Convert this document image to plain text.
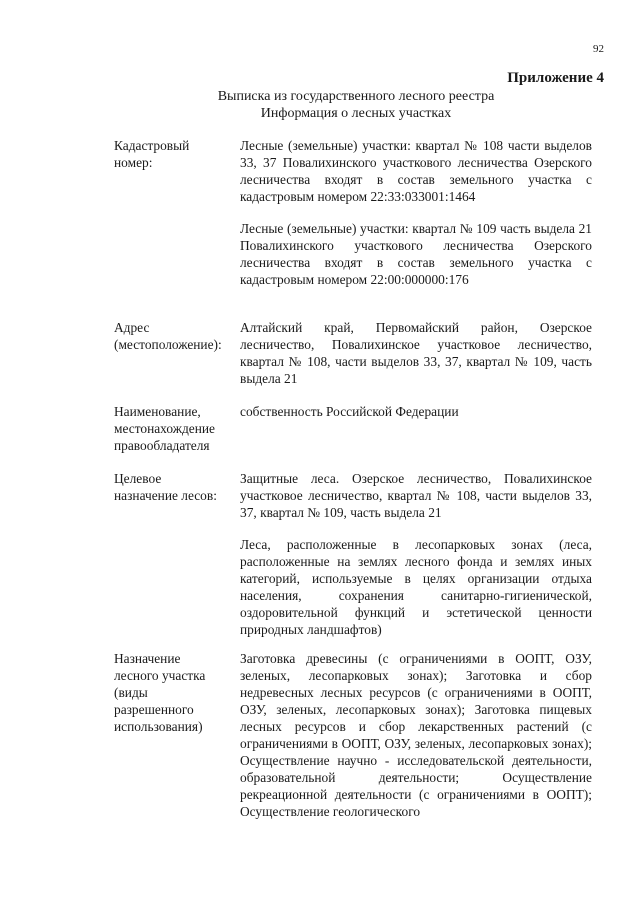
92
Приложение 4
Выписка из государственного лесного реестра
Информация о лесных участках
Кадастровый
номер:

Лесные (земельные) участки: квартал № 108 части выделов 33, 37 Повалихинского участкового лесничества Озерского лесничества входят в состав земельного участка с кадастровым номером 22:33:033001:1464

Лесные (земельные) участки: квартал № 109 часть выдела 21 Повалихинского участкового лесничества Озерского лесничества входят в состав земельного участка с кадастровым номером 22:00:000000:176

Адрес
(местоположение):

Алтайский край, Первомайский район, Озерское лесничество, Повалихинское участковое лесничество, квартал № 108, части выделов 33, 37, квартал № 109, часть выдела 21

Наименование,
местонахождение
правообладателя

собственность Российской Федерации

Целевое
назначение лесов:

Защитные леса. Озерское лесничество, Повалихинское участковое лесничество, квартал № 108, части выделов 33, 37, квартал № 109, часть выдела 21

Леса, расположенные в лесопарковых зонах (леса, расположенные на землях лесного фонда и землях иных категорий, используемые в целях организации отдыха населения, сохранения санитарно-гигиенической, оздоровительной функций и эстетической ценности природных ландшафтов)

Назначение
лесного участка
(виды
разрешенного
использования)

Заготовка древесины (с ограничениями в ООПТ, ОЗУ, зеленых, лесопарковых зонах); Заготовка и сбор недревесных лесных ресурсов (с ограничениями в ООПТ, ОЗУ, зеленых, лесопарковых зонах); Заготовка пищевых лесных ресурсов и сбор лекарственных растений (с ограничениями в ООПТ, ОЗУ, зеленых, лесопарковых зонах); Осуществление научно - исследовательской деятельности, образовательной деятельности; Осуществление рекреационной деятельности (с ограничениями в ООПТ); Осуществление геологического
